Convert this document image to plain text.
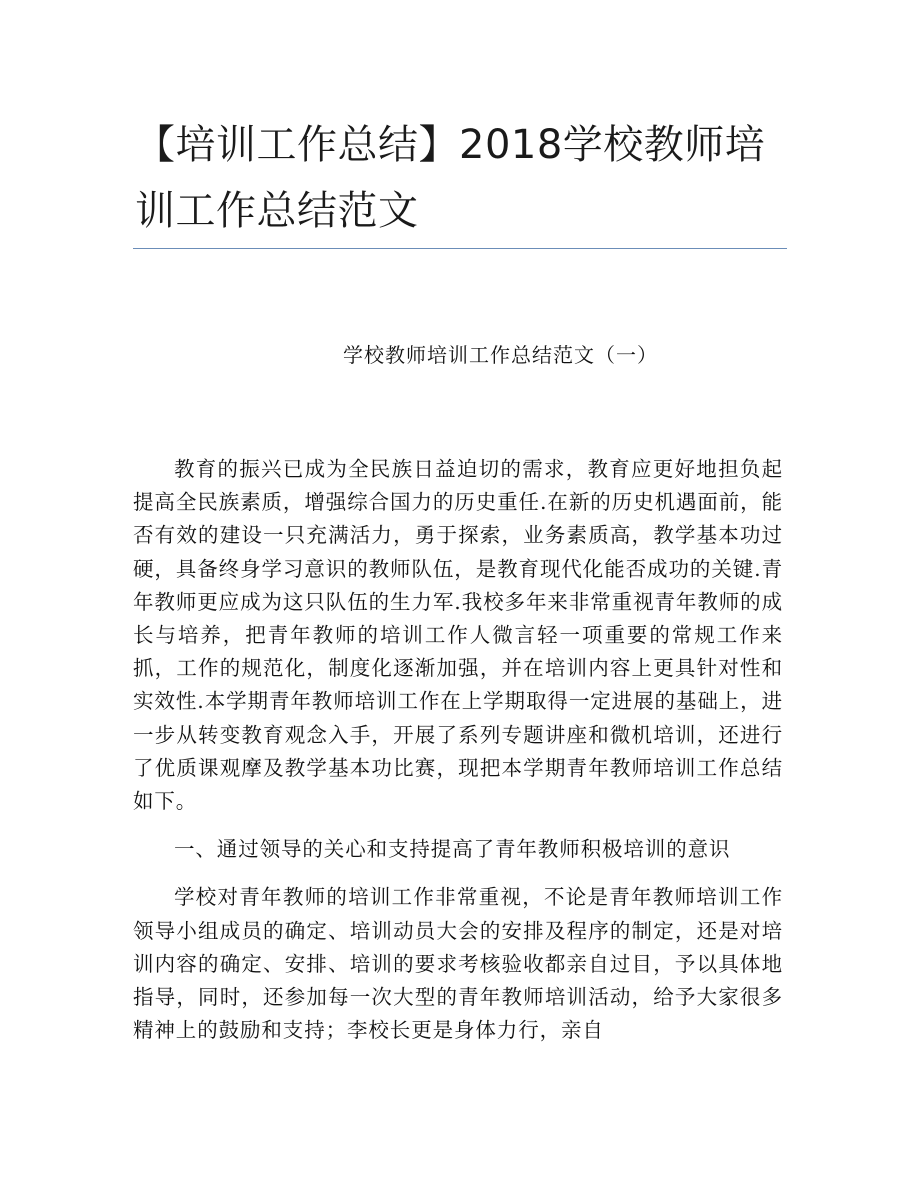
【培训工作总结】2018学校教师培训工作总结范文

学校教师培训工作总结范文（一）

教育的振兴已成为全民族日益迫切的需求，教育应更好地担负起提高全民族素质，增强综合国力的历史重任.在新的历史机遇面前，能否有效的建设一只充满活力，勇于探索，业务素质高，教学基本功过硬，具备终身学习意识的教师队伍，是教育现代化能否成功的关键.青年教师更应成为这只队伍的生力军.我校多年来非常重视青年教师的成长与培养，把青年教师的培训工作人微言轻一项重要的常规工作来抓，工作的规范化，制度化逐渐加强，并在培训内容上更具针对性和实效性.本学期青年教师培训工作在上学期取得一定进展的基础上，进一步从转变教育观念入手，开展了系列专题讲座和微机培训，还进行了优质课观摩及教学基本功比赛，现把本学期青年教师培训工作总结如下。

一、通过领导的关心和支持提高了青年教师积极培训的意识

学校对青年教师的培训工作非常重视，不论是青年教师培训工作领导小组成员的确定、培训动员大会的安排及程序的制定，还是对培训内容的确定、安排、培训的要求考核验收都亲自过目，予以具体地指导，同时，还参加每一次大型的青年教师培训活动，给予大家很多精神上的鼓励和支持；李校长更是身体力行，亲自
